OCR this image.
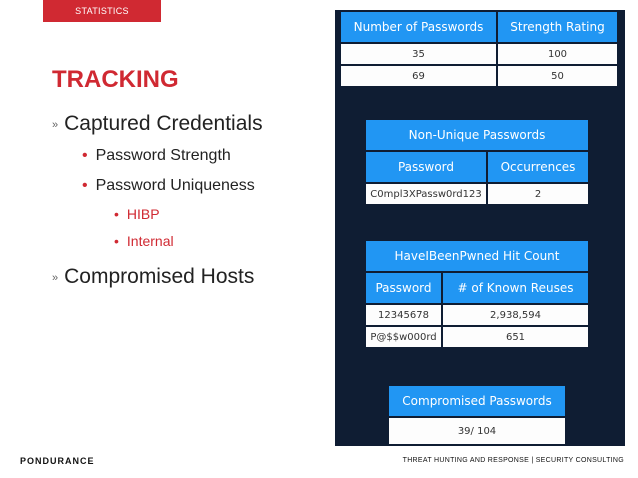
STATISTICS
TRACKING
» Captured Credentials
• Password Strength
• Password Uniqueness
• HIBP
• Internal
» Compromised Hosts
Number of Passwords	Strength Rating
35	100
69	50
Non-Unique Passwords	
Password	Occurrences
C0mpl3XPassw0rd123	2
HaveIBeenPwned Hit Count	
Password	# of Known Reuses
12345678	2,938,594
P@$$w000rd	651
Compromised Passwords
39/ 104
PONDURANCE	THREAT HUNTING AND RESPONSE | SECURITY CONSULTING
